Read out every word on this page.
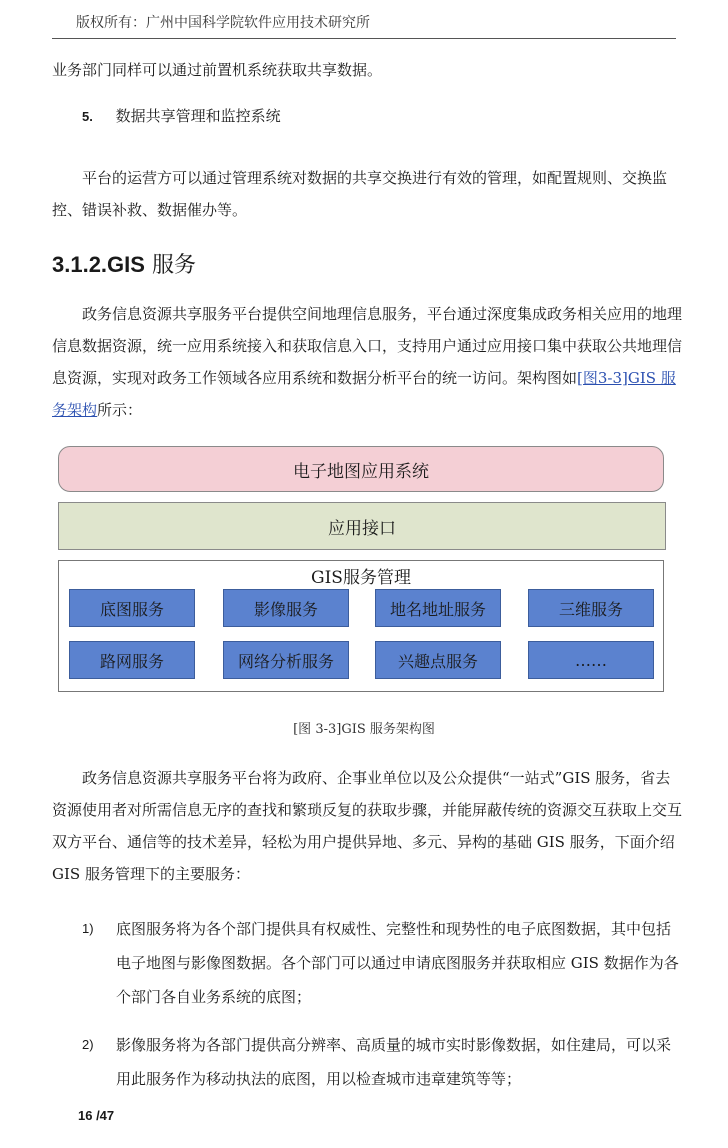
版权所有：广州中国科学院软件应用技术研究所
业务部门同样可以通过前置机系统获取共享数据。
5. 数据共享管理和监控系统
平台的运营方可以通过管理系统对数据的共享交换进行有效的管理，如配置规则、交换监控、错误补救、数据催办等。
3.1.2.GIS 服务
政务信息资源共享服务平台提供空间地理信息服务，平台通过深度集成政务相关应用的地理信息数据资源，统一应用系统接入和获取信息入口，支持用户通过应用接口集中获取公共地理信息资源，实现对政务工作领域各应用系统和数据分析平台的统一访问。架构图如[图3-3]GIS 服务架构所示：
电子地图应用系统
应用接口
GIS服务管理
底图服务	影像服务	地名地址服务	三维服务
路网服务	网络分析服务	兴趣点服务	……
[图 3-3]GIS 服务架构图
政务信息资源共享服务平台将为政府、企事业单位以及公众提供“一站式”GIS 服务，省去资源使用者对所需信息无序的查找和繁琐反复的获取步骤，并能屏蔽传统的资源交互获取上交互双方平台、通信等的技术差异，轻松为用户提供异地、多元、异构的基础 GIS 服务，下面介绍 GIS 服务管理下的主要服务：
1) 底图服务将为各个部门提供具有权威性、完整性和现势性的电子底图数据，其中包括电子地图与影像图数据。各个部门可以通过申请底图服务并获取相应 GIS 数据作为各个部门各自业务系统的底图；
2) 影像服务将为各部门提供高分辨率、高质量的城市实时影像数据，如住建局，可以采用此服务作为移动执法的底图，用以检查城市违章建筑等等；
16 /47
